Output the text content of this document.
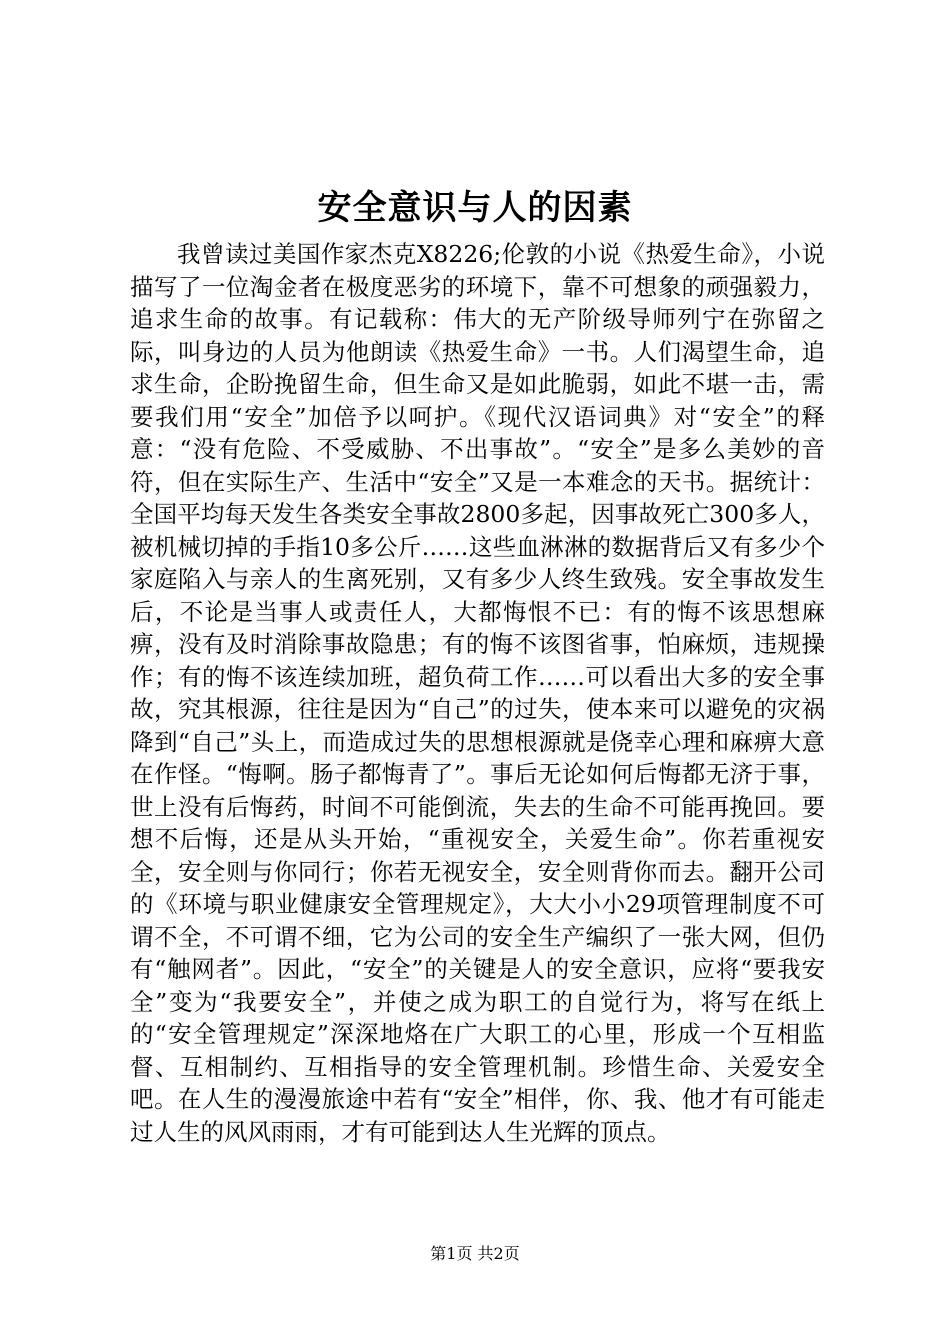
安全意识与人的因素

我曾读过美国作家杰克X8226;伦敦的小说《热爱生命》，小说描写了一位淘金者在极度恶劣的环境下，靠不可想象的顽强毅力，追求生命的故事。有记载称：伟大的无产阶级导师列宁在弥留之际，叫身边的人员为他朗读《热爱生命》一书。人们渴望生命，追求生命，企盼挽留生命，但生命又是如此脆弱，如此不堪一击，需要我们用“安全”加倍予以呵护。《现代汉语词典》对“安全”的释意：“没有危险、不受威胁、不出事故”。“安全”是多么美妙的音符，但在实际生产、生活中“安全”又是一本难念的天书。据统计：全国平均每天发生各类安全事故2800多起，因事故死亡300多人，被机械切掉的手指10多公斤……这些血淋淋的数据背后又有多少个家庭陷入与亲人的生离死别，又有多少人终生致残。安全事故发生后，不论是当事人或责任人，大都悔恨不已：有的悔不该思想麻痹，没有及时消除事故隐患；有的悔不该图省事，怕麻烦，违规操作；有的悔不该连续加班，超负荷工作……可以看出大多的安全事故，究其根源，往往是因为“自己”的过失，使本来可以避免的灾祸降到“自己”头上，而造成过失的思想根源就是侥幸心理和麻痹大意在作怪。“悔啊。肠子都悔青了”。事后无论如何后悔都无济于事，世上没有后悔药，时间不可能倒流，失去的生命不可能再挽回。要想不后悔，还是从头开始，“重视安全，关爱生命”。你若重视安全，安全则与你同行；你若无视安全，安全则背你而去。翻开公司的《环境与职业健康安全管理规定》，大大小小29项管理制度不可谓不全，不可谓不细，它为公司的安全生产编织了一张大网，但仍有“触网者”。因此，“安全”的关键是人的安全意识，应将“要我安全”变为“我要安全”，并使之成为职工的自觉行为，将写在纸上的“安全管理规定”深深地烙在广大职工的心里，形成一个互相监督、互相制约、互相指导的安全管理机制。珍惜生命、关爱安全吧。在人生的漫漫旅途中若有“安全”相伴，你、我、他才有可能走过人生的风风雨雨，才有可能到达人生光辉的顶点。

第1页 共2页
